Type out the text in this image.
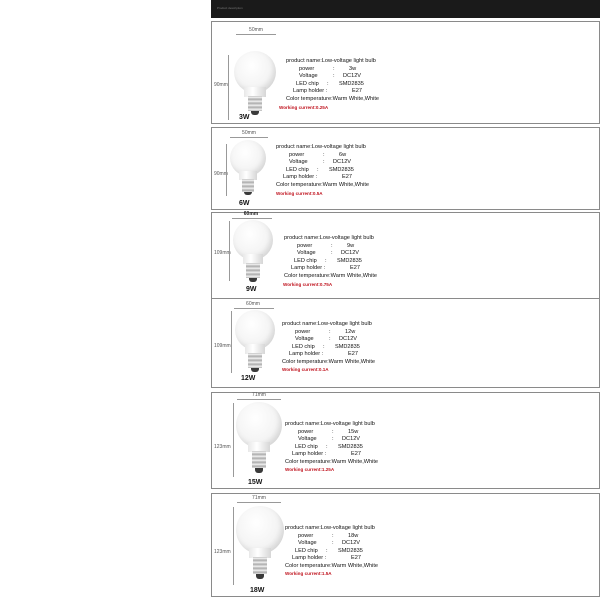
Product description
50mm
90mm
3W
product name:Low-voltage light bulb
power	:	3w
Voltage	: DC12V
LED chip : SMD2835
Lamp holder :	E27
Color temperature:Warm White,White
Working current:0.25A
50mm
90mm
6W
product name:Low-voltage light bulb
power	:	6w
Voltage	: DC12V
LED chip : SMD2835
Lamp holder :	E27
Color temperature:Warm White,White
Working current:0.5A
60mm
109mm
9W
product name:Low-voltage light bulb
power	:	9w
Voltage	: DC12V
LED chip : SMD2835
Lamp holder :	E27
Color temperature:Warm White,White
Working current:0.75A
60mm
109mm
12W
product name:Low-voltage light bulb
power	:	12w
Voltage	: DC12V
LED chip : SMD2835
Lamp holder :	E27
Color temperature:Warm White,White
Working current:0.1A
71mm
123mm
15W
product name:Low-voltage light bulb
power	:	15w
Voltage	: DC12V
LED chip : SMD2835
Lamp holder :	E27
Color temperature:Warm White,White
Working current:1.25A
71mm
123mm
18W
product name:Low-voltage light bulb
power	:	18w
Voltage	: DC12V
LED chip : SMD2835
Lamp holder :	E27
Color temperature:Warm White,White
Working current:1.5A
